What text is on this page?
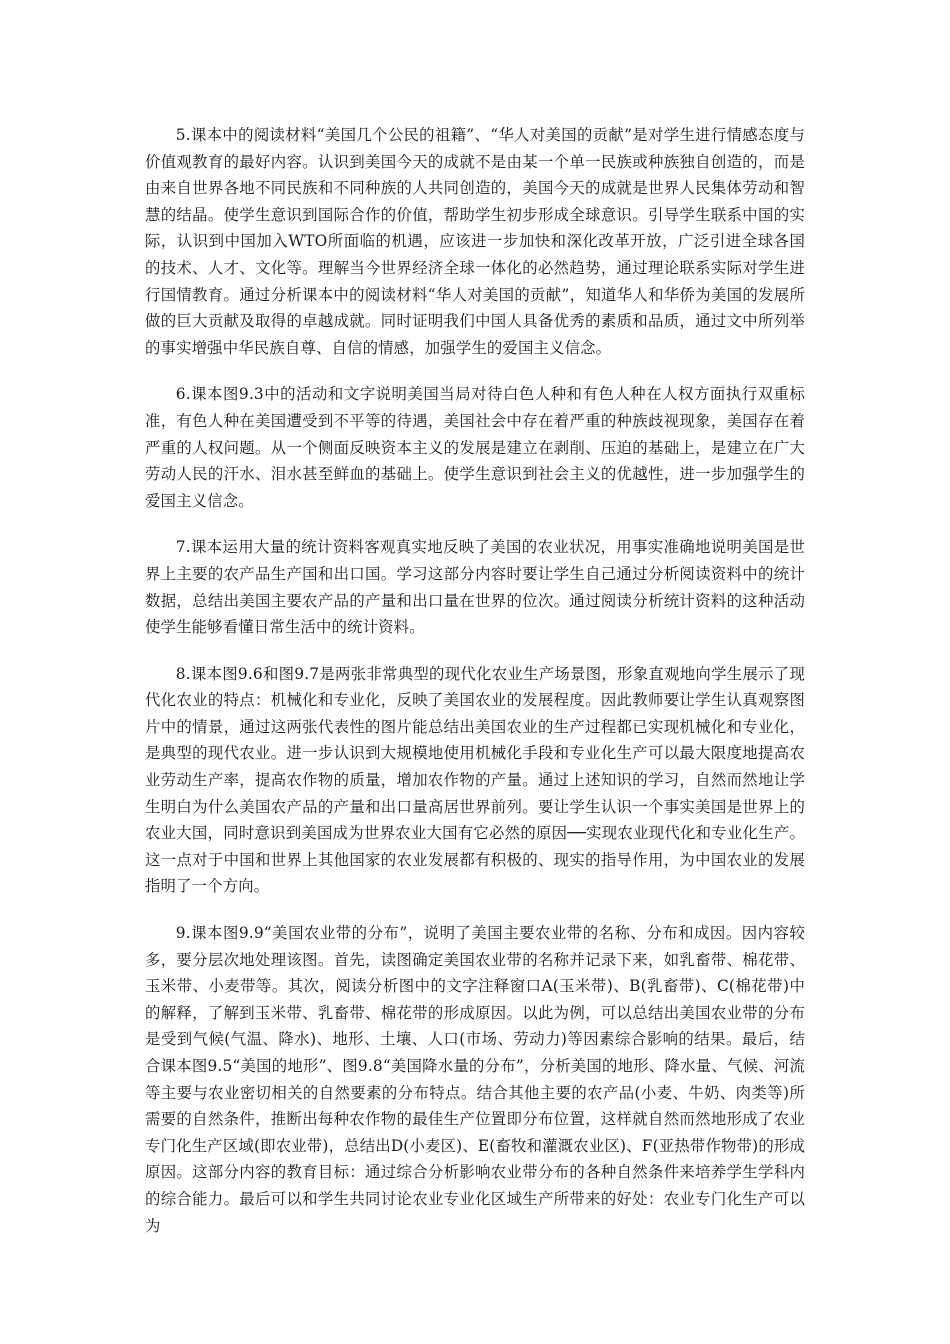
5.课本中的阅读材料“美国几个公民的祖籍”、“华人对美国的贡献”是对学生进行情感态度与价值观教育的最好内容。认识到美国今天的成就不是由某一个单一民族或种族独自创造的，而是由来自世界各地不同民族和不同种族的人共同创造的，美国今天的成就是世界人民集体劳动和智慧的结晶。使学生意识到国际合作的价值，帮助学生初步形成全球意识。引导学生联系中国的实际，认识到中国加入WTO所面临的机遇，应该进一步加快和深化改革开放，广泛引进全球各国的技术、人才、文化等。理解当今世界经济全球一体化的必然趋势，通过理论联系实际对学生进行国情教育。通过分析课本中的阅读材料“华人对美国的贡献”，知道华人和华侨为美国的发展所做的巨大贡献及取得的卓越成就。同时证明我们中国人具备优秀的素质和品质，通过文中所列举的事实增强中华民族自尊、自信的情感，加强学生的爱国主义信念。

6.课本图9.3中的活动和文字说明美国当局对待白色人种和有色人种在人权方面执行双重标准，有色人种在美国遭受到不平等的待遇，美国社会中存在着严重的种族歧视现象，美国存在着严重的人权问题。从一个侧面反映资本主义的发展是建立在剥削、压迫的基础上，是建立在广大劳动人民的汗水、泪水甚至鲜血的基础上。使学生意识到社会主义的优越性，进一步加强学生的爱国主义信念。

7.课本运用大量的统计资料客观真实地反映了美国的农业状况，用事实准确地说明美国是世界上主要的农产品生产国和出口国。学习这部分内容时要让学生自己通过分析阅读资料中的统计数据，总结出美国主要农产品的产量和出口量在世界的位次。通过阅读分析统计资料的这种活动使学生能够看懂日常生活中的统计资料。

8.课本图9.6和图9.7是两张非常典型的现代化农业生产场景图，形象直观地向学生展示了现代化农业的特点：机械化和专业化，反映了美国农业的发展程度。因此教师要让学生认真观察图片中的情景，通过这两张代表性的图片能总结出美国农业的生产过程都已实现机械化和专业化，是典型的现代农业。进一步认识到大规模地使用机械化手段和专业化生产可以最大限度地提高农业劳动生产率，提高农作物的质量，增加农作物的产量。通过上述知识的学习，自然而然地让学生明白为什么美国农产品的产量和出口量高居世界前列。要让学生认识一个事实美国是世界上的农业大国，同时意识到美国成为世界农业大国有它必然的原因──实现农业现代化和专业化生产。这一点对于中国和世界上其他国家的农业发展都有积极的、现实的指导作用，为中国农业的发展指明了一个方向。

9.课本图9.9“美国农业带的分布”，说明了美国主要农业带的名称、分布和成因。因内容较多，要分层次地处理该图。首先，读图确定美国农业带的名称并记录下来，如乳畜带、棉花带、玉米带、小麦带等。其次，阅读分析图中的文字注释窗口A(玉米带)、B(乳畜带)、C(棉花带)中的解释，了解到玉米带、乳畜带、棉花带的形成原因。以此为例，可以总结出美国农业带的分布是受到气候(气温、降水)、地形、土壤、人口(市场、劳动力)等因素综合影响的结果。最后，结合课本图9.5“美国的地形”、图9.8“美国降水量的分布”，分析美国的地形、降水量、气候、河流等主要与农业密切相关的自然要素的分布特点。结合其他主要的农产品(小麦、牛奶、肉类等)所需要的自然条件，推断出每种农作物的最佳生产位置即分布位置，这样就自然而然地形成了农业专门化生产区域(即农业带)，总结出D(小麦区)、E(畜牧和灌溉农业区)、F(亚热带作物带)的形成原因。这部分内容的教育目标：通过综合分析影响农业带分布的各种自然条件来培养学生学科内的综合能力。最后可以和学生共同讨论农业专业化区域生产所带来的好处：农业专门化生产可以为
